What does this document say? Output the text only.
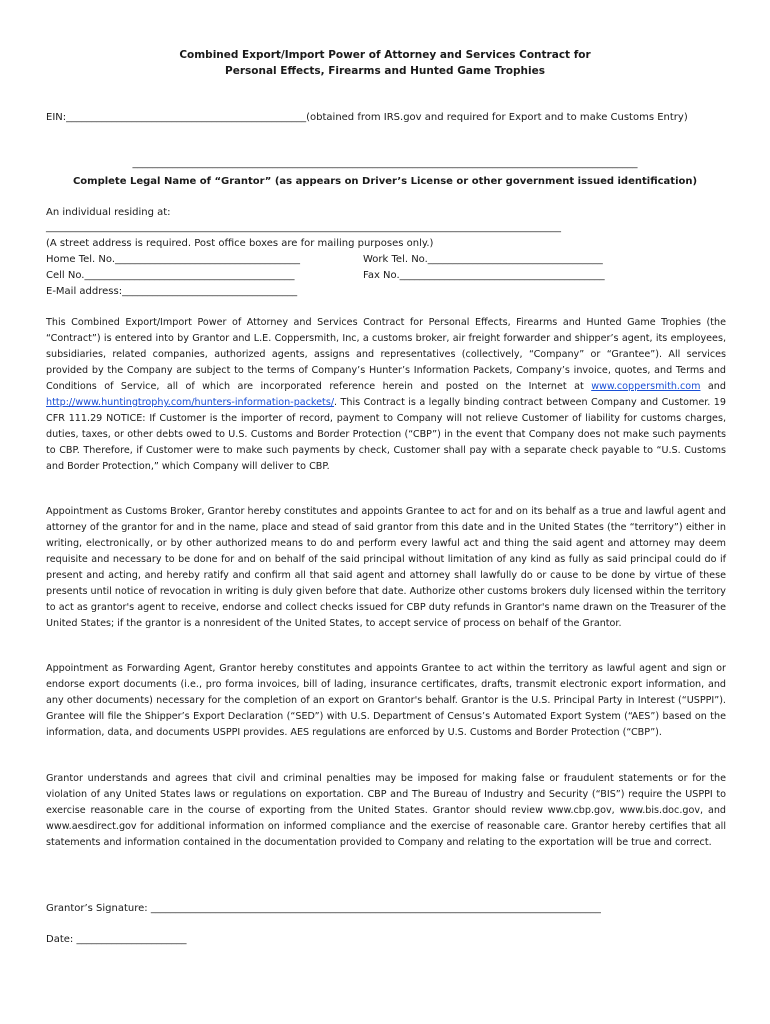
Combined Export/Import Power of Attorney and Services Contract for
Personal Effects, Firearms and Hunted Game Trophies
EIN:________________________________________________(obtained from IRS.gov and required for Export and to make Customs Entry)
_____________________________________________________________________________________________________
Complete Legal Name of “Grantor” (as appears on Driver’s License or other government issued identification)
An individual residing at:
_______________________________________________________________________________________________________
(A street address is required. Post office boxes are for mailing purposes only.)
Home Tel. No._____________________________________	Work Tel. No.___________________________________
Cell No.__________________________________________	Fax No._________________________________________
E-Mail address:___________________________________
This Combined Export/Import Power of Attorney and Services Contract for Personal Effects, Firearms and Hunted Game Trophies (the “Contract”) is entered into by Grantor and L.E. Coppersmith, Inc, a customs broker, air freight forwarder and shipper’s agent, its employees, subsidiaries, related companies, authorized agents, assigns and representatives (collectively, “Company” or “Grantee”). All services provided by the Company are subject to the terms of Company’s Hunter’s Information Packets, Company’s invoice, quotes, and Terms and Conditions of Service, all of which are incorporated reference herein and posted on the Internet at www.coppersmith.com and http://www.huntingtrophy.com/hunters-information-packets/. This Contract is a legally binding contract between Company and Customer. 19 CFR 111.29 NOTICE: If Customer is the importer of record, payment to Company will not relieve Customer of liability for customs charges, duties, taxes, or other debts owed to U.S. Customs and Border Protection (“CBP”) in the event that Company does not make such payments to CBP. Therefore, if Customer were to make such payments by check, Customer shall pay with a separate check payable to “U.S. Customs and Border Protection,” which Company will deliver to CBP.
Appointment as Customs Broker, Grantor hereby constitutes and appoints Grantee to act for and on its behalf as a true and lawful agent and attorney of the grantor for and in the name, place and stead of said grantor from this date and in the United States (the “territory”) either in writing, electronically, or by other authorized means to do and perform every lawful act and thing the said agent and attorney may deem requisite and necessary to be done for and on behalf of the said principal without limitation of any kind as fully as said principal could do if present and acting, and hereby ratify and confirm all that said agent and attorney shall lawfully do or cause to be done by virtue of these presents until notice of revocation in writing is duly given before that date. Authorize other customs brokers duly licensed within the territory to act as grantor's agent to receive, endorse and collect checks issued for CBP duty refunds in Grantor's name drawn on the Treasurer of the United States; if the grantor is a nonresident of the United States, to accept service of process on behalf of the Grantor.
Appointment as Forwarding Agent, Grantor hereby constitutes and appoints Grantee to act within the territory as lawful agent and sign or endorse export documents (i.e., pro forma invoices, bill of lading, insurance certificates, drafts, transmit electronic export information, and any other documents) necessary for the completion of an export on Grantor's behalf. Grantor is the U.S. Principal Party in Interest (“USPPI”). Grantee will file the Shipper’s Export Declaration (“SED”) with U.S. Department of Census’s Automated Export System (“AES”) based on the information, data, and documents USPPI provides. AES regulations are enforced by U.S. Customs and Border Protection (“CBP”).
Grantor understands and agrees that civil and criminal penalties may be imposed for making false or fraudulent statements or for the violation of any United States laws or regulations on exportation. CBP and The Bureau of Industry and Security (“BIS”) require the USPPI to exercise reasonable care in the course of exporting from the United States. Grantor should review www.cbp.gov, www.bis.doc.gov, and www.aesdirect.gov for additional information on informed compliance and the exercise of reasonable care. Grantor hereby certifies that all statements and information contained in the documentation provided to Company and relating to the exportation will be true and correct.
Grantor’s Signature: __________________________________________________________________________________________
Date: ______________________
